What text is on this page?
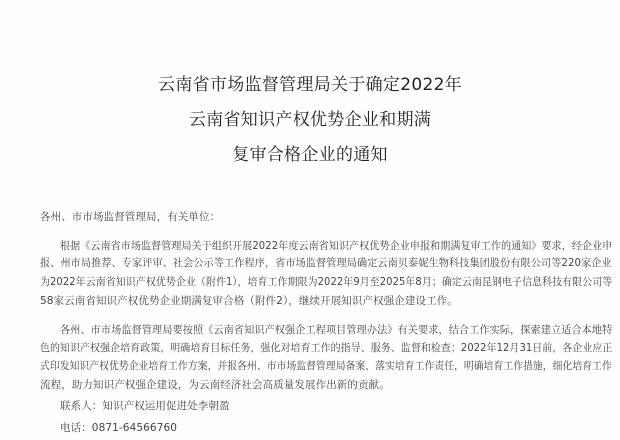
云南省市场监督管理局关于确定2022年
云南省知识产权优势企业和期满
复审合格企业的通知
各州、市市场监督管理局，有关单位：
根据《云南省市场监督管理局关于组织开展2022年度云南省知识产权优势企业申报和期满复审工作的通知》要求，经企业申
报、州市局推荐、专家评审、社会公示等工作程序，省市场监督管理局确定云南贝泰妮生物科技集团股份有限公司等220家企业
为2022年云南省知识产权优势企业（附件1），培育工作期限为2022年9月至2025年8月；确定云南昆钢电子信息科技有限公司等
58家云南省知识产权优势企业期满复审合格（附件2），继续开展知识产权强企建设工作。
各州、市市场监督管理局要按照《云南省知识产权强企工程项目管理办法》有关要求，结合工作实际，探索建立适合本地特
色的知识产权强企培育政策，明确培育目标任务，强化对培育工作的指导、服务、监督和检查；2022年12月31日前，各企业应正
式印发知识产权优势企业培育工作方案，并报各州、市市场监督管理局备案，落实培育工作责任，明确培育工作措施，细化培育工作
流程，助力知识产权强企建设，为云南经济社会高质量发展作出新的贡献。
联系人：知识产权运用促进处李朝盈
电话：0871-64566760
